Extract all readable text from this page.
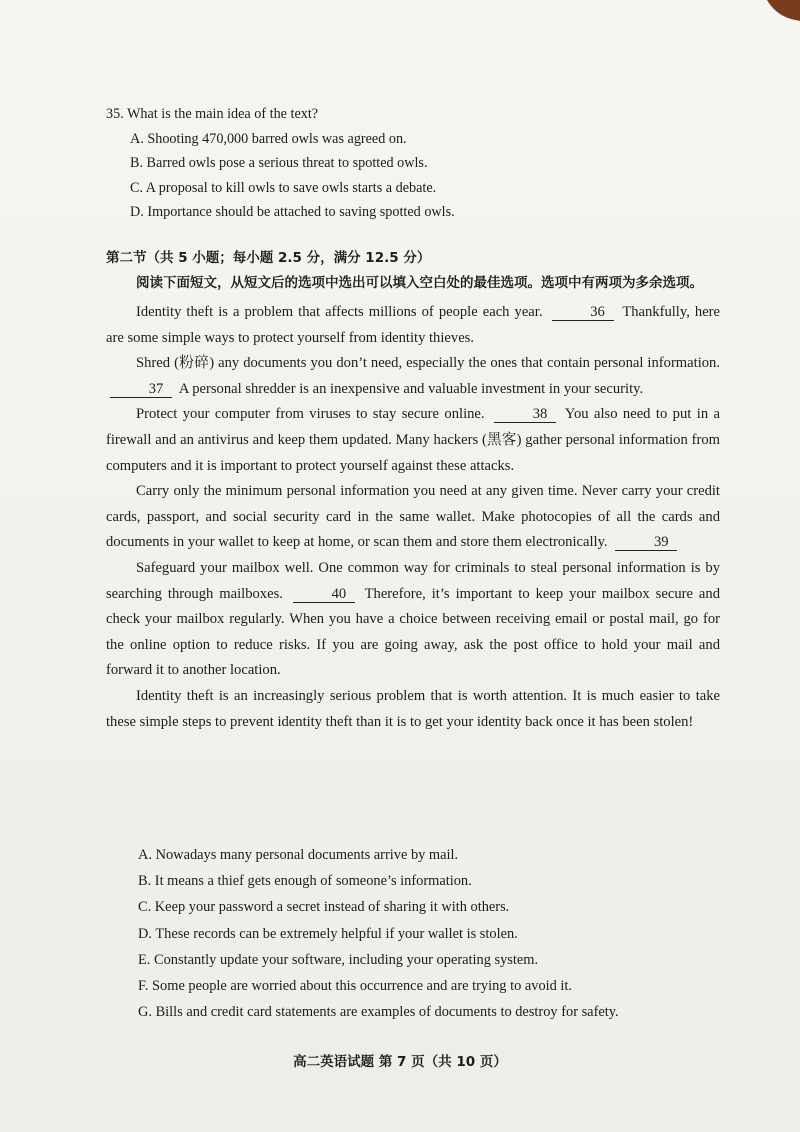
35. What is the main idea of the text?

A. Shooting 470,000 barred owls was agreed on.

B. Barred owls pose a serious threat to spotted owls.

C. A proposal to kill owls to save owls starts a debate.

D. Importance should be attached to saving spotted owls.

第二节（共 5 小题；每小题 2.5 分，满分 12.5 分）

阅读下面短文，从短文后的选项中选出可以填入空白处的最佳选项。选项中有两项为多余选项。

Identity theft is a problem that affects millions of people each year.	36 Thankfully, here are some simple ways to protect yourself from identity thieves.

Shred (粉碎) any documents you don’t need, especially the ones that contain personal information. 37 A personal shredder is an inexpensive and valuable investment in your security.

Protect your computer from viruses to stay secure online.	38 You also need to put in a firewall and an antivirus and keep them updated. Many hackers (黑客) gather personal information from computers and it is important to protect yourself against these attacks.

Carry only the minimum personal information you need at any given time. Never carry your credit cards, passport, and social security card in the same wallet. Make photocopies of all the cards and documents in your wallet to keep at home, or scan them and store them electronically.	39

Safeguard your mailbox well. One common way for criminals to steal personal information is by searching through mailboxes.	40 Therefore, it’s important to keep your mailbox secure and check your mailbox regularly. When you have a choice between receiving email or postal mail, go for the online option to reduce risks. If you are going away, ask the post office to hold your mail and forward it to another location.

Identity theft is an increasingly serious problem that is worth attention. It is much easier to take these simple steps to prevent identity theft than it is to get your identity back once it has been stolen!

A. Nowadays many personal documents arrive by mail.

B. It means a thief gets enough of someone’s information.

C. Keep your password a secret instead of sharing it with others.

D. These records can be extremely helpful if your wallet is stolen.

E. Constantly update your software, including your operating system.

F. Some people are worried about this occurrence and are trying to avoid it.

G. Bills and credit card statements are examples of documents to destroy for safety.

高二英语试题 第 7 页（共 10 页）
